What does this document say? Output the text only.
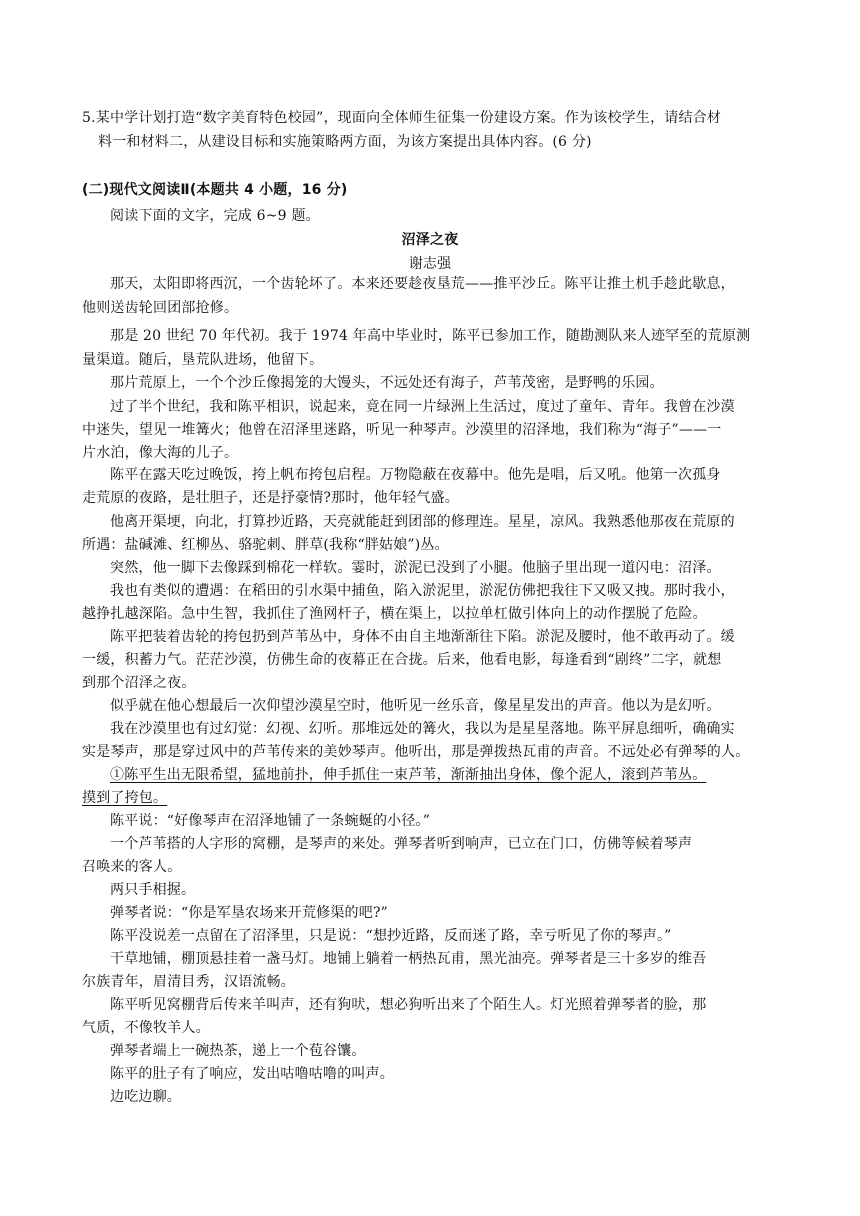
5.某中学计划打造“数字美育特色校园”，现面向全体师生征集一份建设方案。作为该校学生，请结合材
料一和材料二，从建设目标和实施策略两方面，为该方案提出具体内容。(6 分)
(二)现代文阅读Ⅱ(本题共 4 小题，16 分)
阅读下面的文字，完成 6~9 题。
沼泽之夜
谢志强
那天，太阳即将西沉，一个齿轮坏了。本来还要趁夜垦荒——推平沙丘。陈平让推土机手趁此歇息，
他则送齿轮回团部抢修。
那是 20 世纪 70 年代初。我于 1974 年高中毕业时，陈平已参加工作，随勘测队来人迹罕至的荒原测
量渠道。随后，垦荒队进场，他留下。
那片荒原上，一个个沙丘像揭笼的大馒头，不远处还有海子，芦苇茂密，是野鸭的乐园。
过了半个世纪，我和陈平相识，说起来，竟在同一片绿洲上生活过，度过了童年、青年。我曾在沙漠
中迷失，望见一堆篝火；他曾在沼泽里迷路，听见一种琴声。沙漠里的沼泽地，我们称为“海子”——一
片水泊，像大海的儿子。
陈平在露天吃过晚饭，挎上帆布挎包启程。万物隐蔽在夜幕中。他先是唱，后又吼。他第一次孤身
走荒原的夜路，是壮胆子，还是抒豪情?那时，他年轻气盛。
他离开渠埂，向北，打算抄近路，天亮就能赶到团部的修理连。星星，凉风。我熟悉他那夜在荒原的
所遇：盐碱滩、红柳丛、骆驼刺、胖草(我称“胖姑娘”)丛。
突然，他一脚下去像踩到棉花一样软。霎时，淤泥已没到了小腿。他脑子里出现一道闪电：沼泽。
我也有类似的遭遇：在稻田的引水渠中捕鱼，陷入淤泥里，淤泥仿佛把我往下又吸又拽。那时我小，
越挣扎越深陷。急中生智，我抓住了渔网杆子，横在渠上，以拉单杠做引体向上的动作摆脱了危险。
陈平把装着齿轮的挎包扔到芦苇丛中，身体不由自主地渐渐往下陷。淤泥及腰时，他不敢再动了。缓
一缓，积蓄力气。茫茫沙漠，仿佛生命的夜幕正在合拢。后来，他看电影，每逢看到“剧终”二字，就想
到那个沼泽之夜。
似乎就在他心想最后一次仰望沙漠星空时，他听见一丝乐音，像星星发出的声音。他以为是幻听。
我在沙漠里也有过幻觉：幻视、幻听。那堆远处的篝火，我以为是星星落地。陈平屏息细听，确确实
实是琴声，那是穿过风中的芦苇传来的美妙琴声。他听出，那是弹拨热瓦甫的声音。不远处必有弹琴的人。
①陈平生出无限希望，猛地前扑，伸手抓住一束芦苇，渐渐抽出身体，像个泥人，滚到芦苇丛。
摸到了挎包。
陈平说：“好像琴声在沼泽地铺了一条蜿蜒的小径。”
一个芦苇搭的人字形的窝棚，是琴声的来处。弹琴者听到响声，已立在门口，仿佛等候着琴声
召唤来的客人。
两只手相握。
弹琴者说：“你是军垦农场来开荒修渠的吧?”
陈平没说差一点留在了沼泽里，只是说：“想抄近路，反而迷了路，幸亏听见了你的琴声。”
干草地铺，棚顶悬挂着一盏马灯。地铺上躺着一柄热瓦甫，黑光油亮。弹琴者是三十多岁的维吾
尔族青年，眉清目秀，汉语流畅。
陈平听见窝棚背后传来羊叫声，还有狗吠，想必狗听出来了个陌生人。灯光照着弹琴者的脸，那
气质，不像牧羊人。
弹琴者端上一碗热茶，递上一个苞谷馕。
陈平的肚子有了响应，发出咕噜咕噜的叫声。
边吃边聊。
